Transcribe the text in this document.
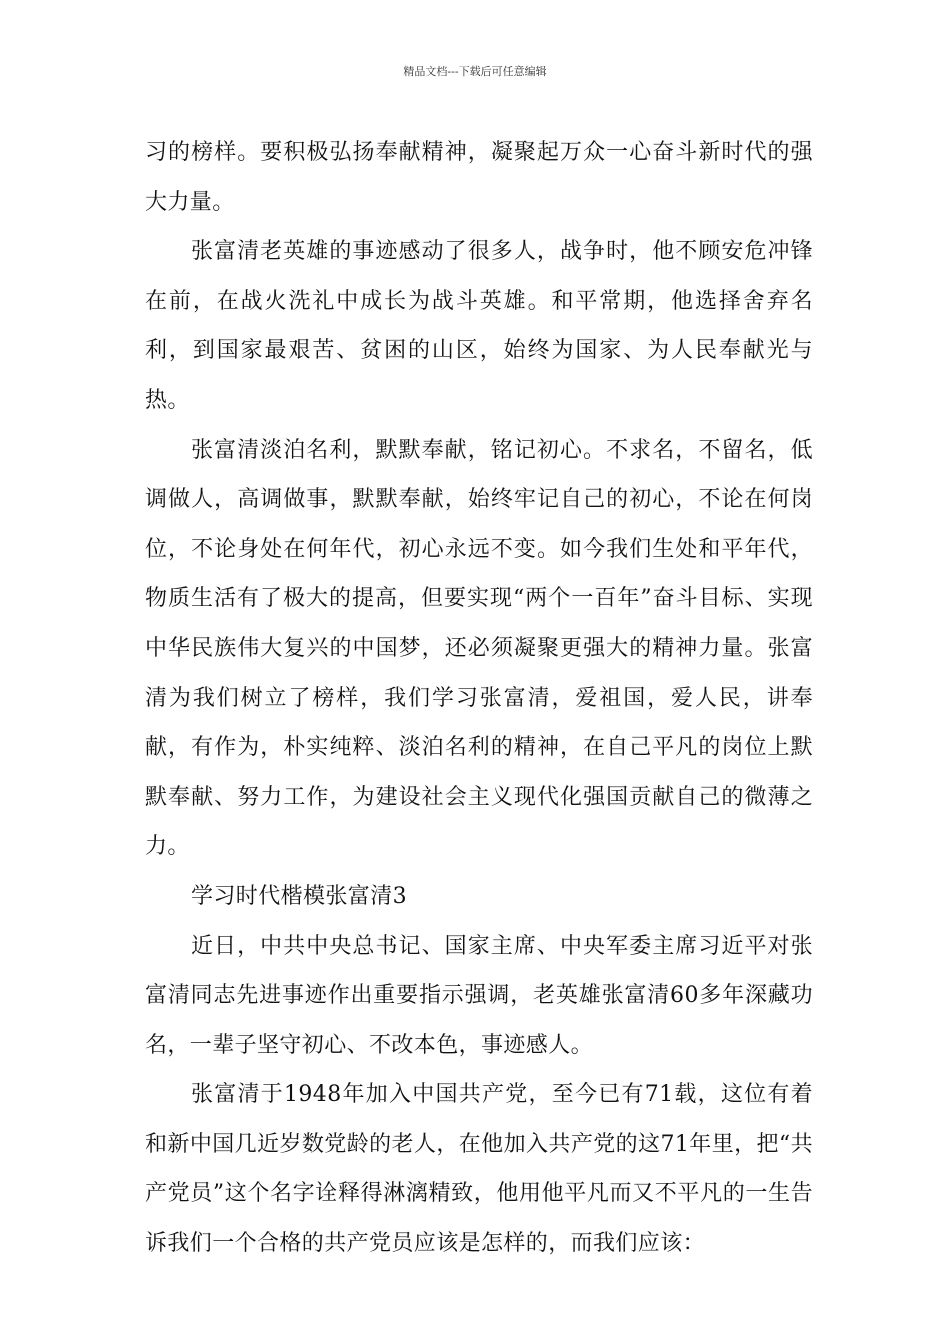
精品文档---下载后可任意编辑

习的榜样。要积极弘扬奉献精神，凝聚起万众一心奋斗新时代的强大力量。

张富清老英雄的事迹感动了很多人，战争时，他不顾安危冲锋在前，在战火洗礼中成长为战斗英雄。和平常期，他选择舍弃名利，到国家最艰苦、贫困的山区，始终为国家、为人民奉献光与热。

张富清淡泊名利，默默奉献，铭记初心。不求名，不留名，低调做人，高调做事，默默奉献，始终牢记自己的初心，不论在何岗位，不论身处在何年代，初心永远不变。如今我们生处和平年代，物质生活有了极大的提高，但要实现“两个一百年”奋斗目标、实现中华民族伟大复兴的中国梦，还必须凝聚更强大的精神力量。张富清为我们树立了榜样，我们学习张富清，爱祖国，爱人民，讲奉献，有作为，朴实纯粹、淡泊名利的精神，在自己平凡的岗位上默默奉献、努力工作，为建设社会主义现代化强国贡献自己的微薄之力。

学习时代楷模张富清3

近日，中共中央总书记、国家主席、中央军委主席习近平对张富清同志先进事迹作出重要指示强调，老英雄张富清60多年深藏功名，一辈子坚守初心、不改本色，事迹感人。

张富清于1948年加入中国共产党，至今已有71载，这位有着和新中国几近岁数党龄的老人，在他加入共产党的这71年里，把“共产党员”这个名字诠释得淋漓精致，他用他平凡而又不平凡的一生告诉我们一个合格的共产党员应该是怎样的，而我们应该：
